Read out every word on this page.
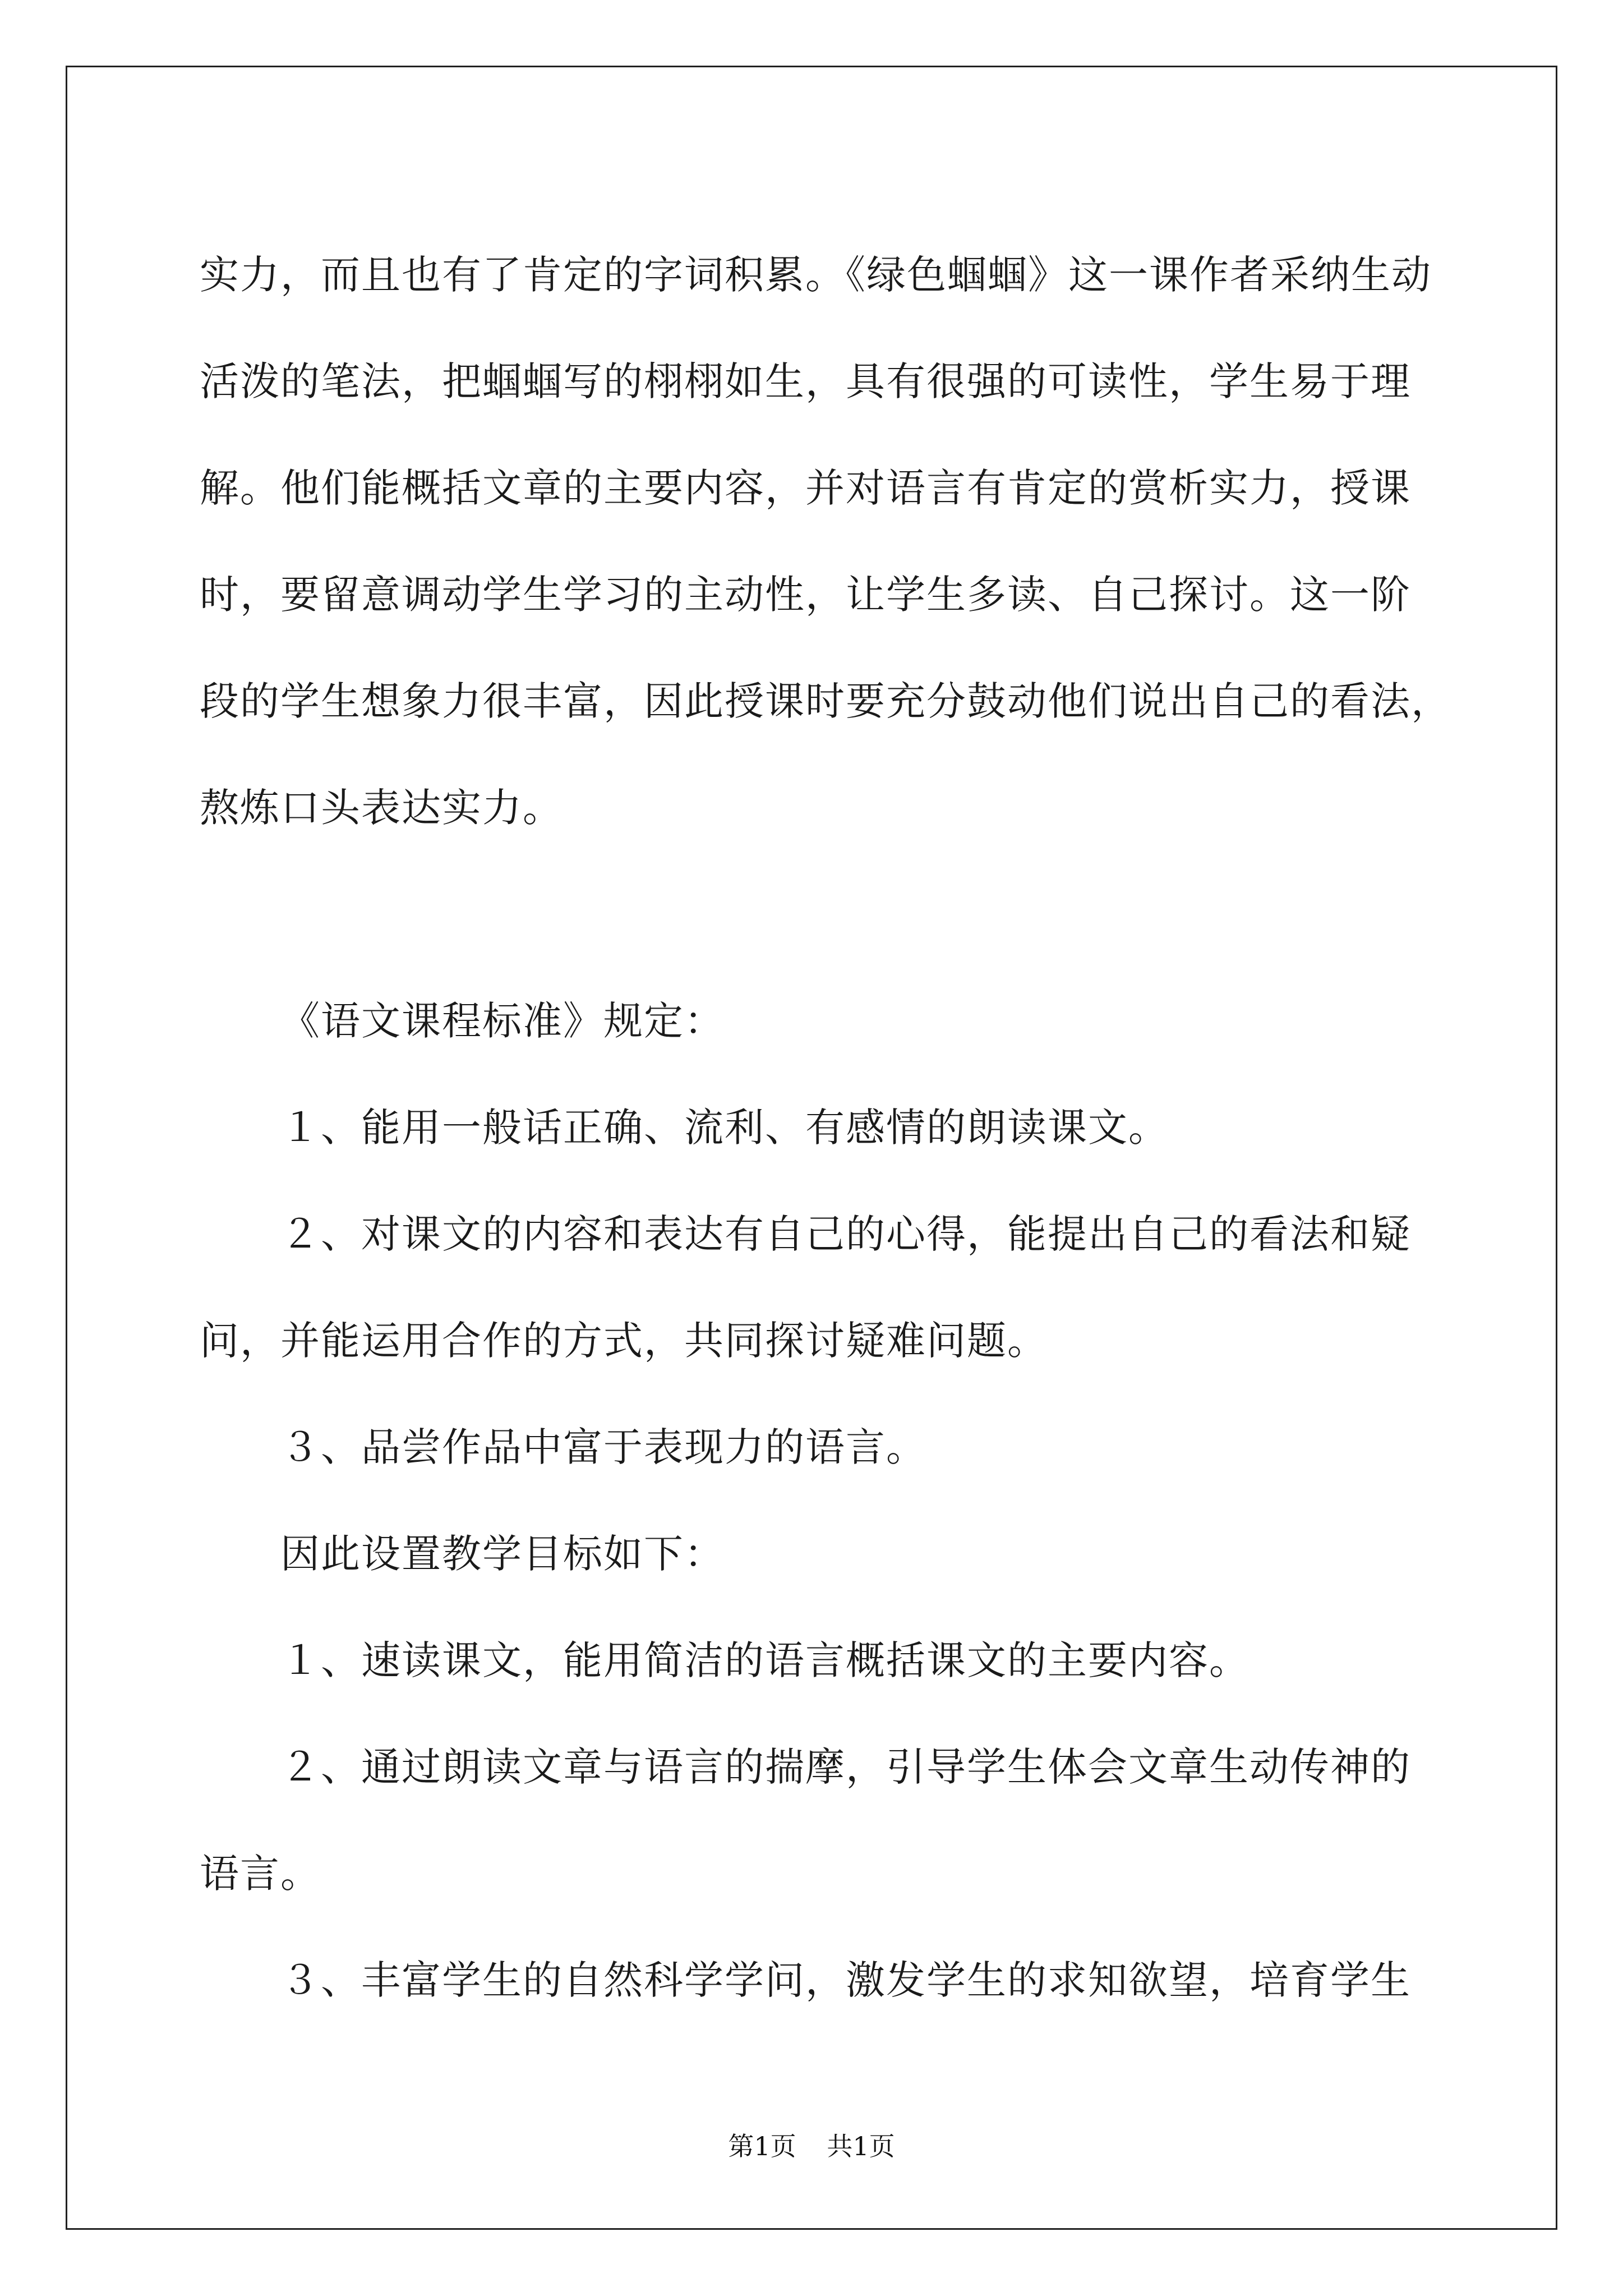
实力，而且也有了肯定的字词积累。《绿色蝈蝈》这一课作者采纳生动

活泼的笔法，把蝈蝈写的栩栩如生，具有很强的可读性，学生易于理

解。他们能概括文章的主要内容，并对语言有肯定的赏析实力，授课

时，要留意调动学生学习的主动性，让学生多读、自己探讨。这一阶

段的学生想象力很丰富，因此授课时要充分鼓动他们说出自己的看法，

熬炼口头表达实力。

《语文课程标准》规定：

１、能用一般话正确、流利、有感情的朗读课文。

２、对课文的内容和表达有自己的心得，能提出自己的看法和疑

问，并能运用合作的方式，共同探讨疑难问题。

３、品尝作品中富于表现力的语言。

因此设置教学目标如下：

１、速读课文，能用简洁的语言概括课文的主要内容。

２、通过朗读文章与语言的揣摩，引导学生体会文章生动传神的

语言。

３、丰富学生的自然科学学问，激发学生的求知欲望，培育学生

第1页 共1页
